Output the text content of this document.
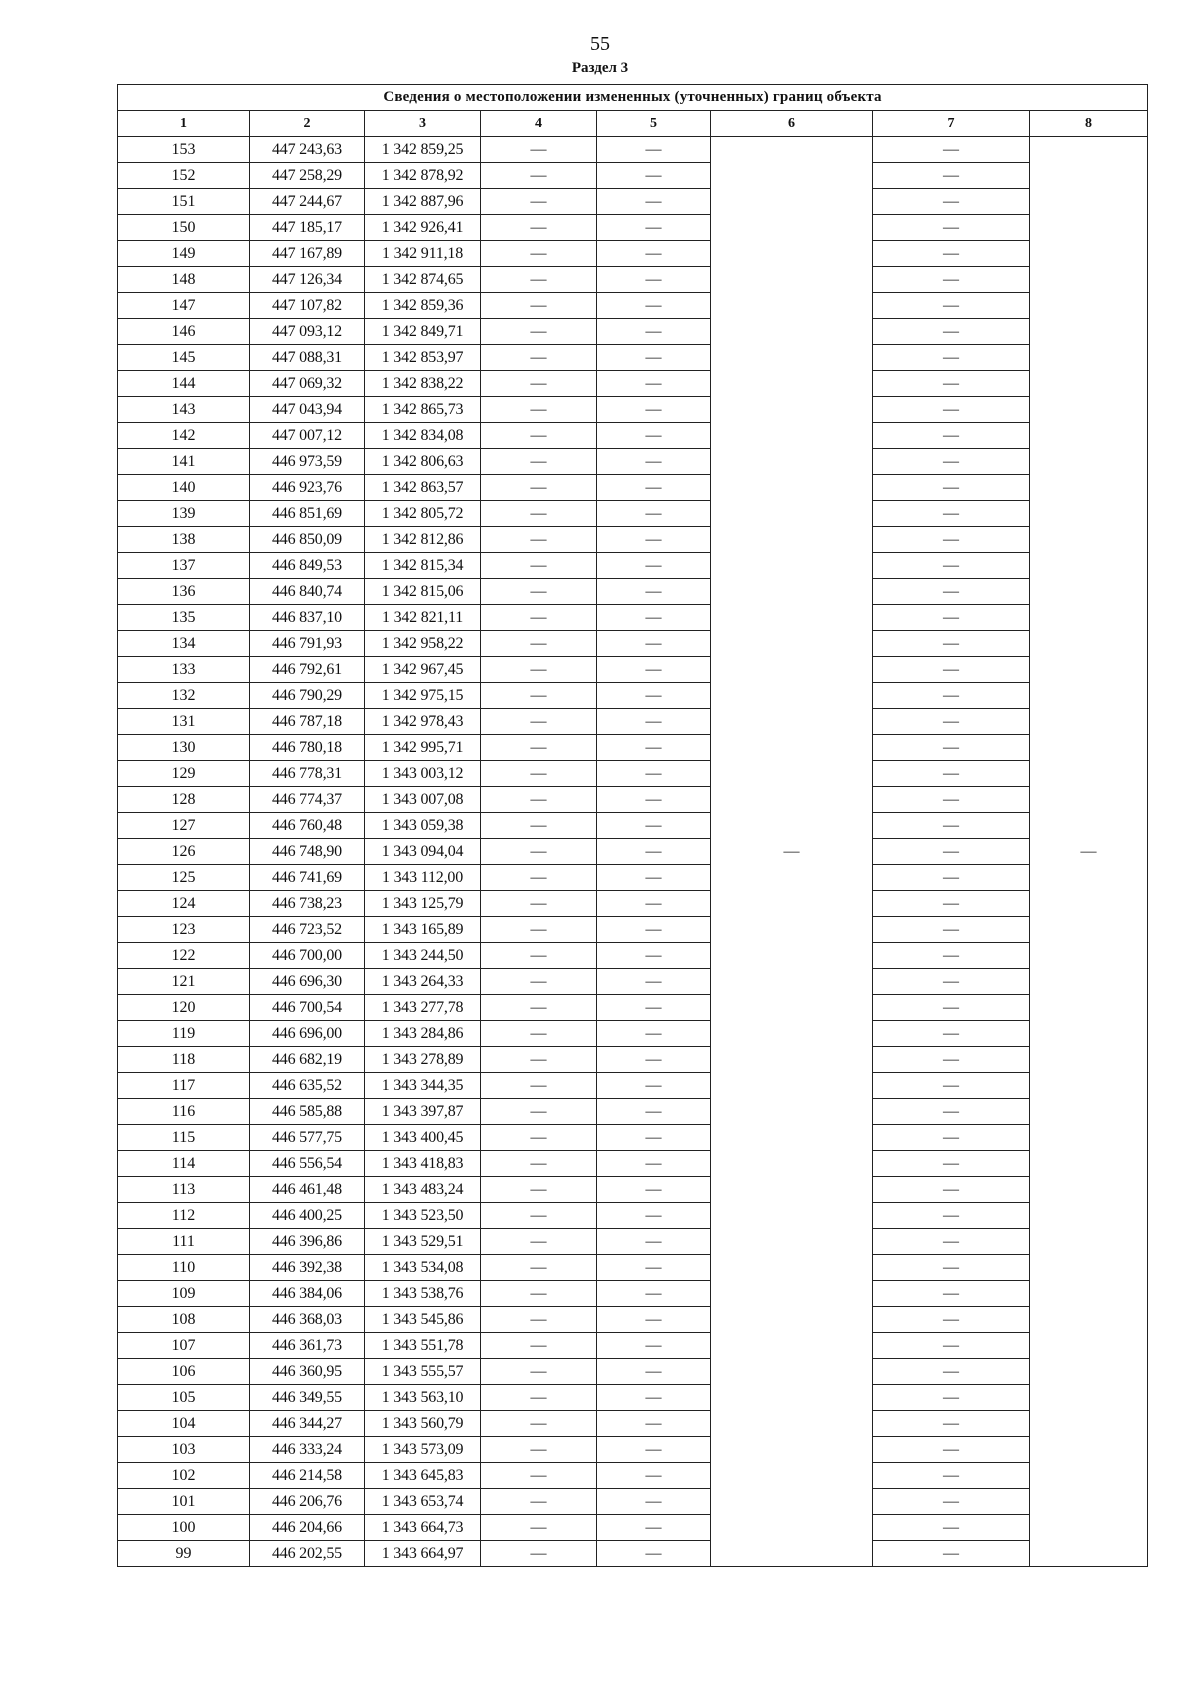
55
Раздел 3
Сведения о местоположении измененных (уточненных) границ объекта							
1	2	3	4	5	6	7	8
153	447 243,63	1 342 859,25	—	—	—	—	—
152	447 258,29	1 342 878,92	—	—		—	
151	447 244,67	1 342 887,96	—	—		—	
150	447 185,17	1 342 926,41	—	—		—	
149	447 167,89	1 342 911,18	—	—		—	
148	447 126,34	1 342 874,65	—	—		—	
147	447 107,82	1 342 859,36	—	—		—	
146	447 093,12	1 342 849,71	—	—		—	
145	447 088,31	1 342 853,97	—	—		—	
144	447 069,32	1 342 838,22	—	—		—	
143	447 043,94	1 342 865,73	—	—		—	
142	447 007,12	1 342 834,08	—	—		—	
141	446 973,59	1 342 806,63	—	—		—	
140	446 923,76	1 342 863,57	—	—		—	
139	446 851,69	1 342 805,72	—	—		—	
138	446 850,09	1 342 812,86	—	—		—	
137	446 849,53	1 342 815,34	—	—		—	
136	446 840,74	1 342 815,06	—	—		—	
135	446 837,10	1 342 821,11	—	—		—	
134	446 791,93	1 342 958,22	—	—		—	
133	446 792,61	1 342 967,45	—	—		—	
132	446 790,29	1 342 975,15	—	—		—	
131	446 787,18	1 342 978,43	—	—		—	
130	446 780,18	1 342 995,71	—	—		—	
129	446 778,31	1 343 003,12	—	—		—	
128	446 774,37	1 343 007,08	—	—		—	
127	446 760,48	1 343 059,38	—	—		—	
126	446 748,90	1 343 094,04	—	—		—	
125	446 741,69	1 343 112,00	—	—		—	
124	446 738,23	1 343 125,79	—	—		—	
123	446 723,52	1 343 165,89	—	—		—	
122	446 700,00	1 343 244,50	—	—		—	
121	446 696,30	1 343 264,33	—	—		—	
120	446 700,54	1 343 277,78	—	—		—	
119	446 696,00	1 343 284,86	—	—		—	
118	446 682,19	1 343 278,89	—	—		—	
117	446 635,52	1 343 344,35	—	—		—	
116	446 585,88	1 343 397,87	—	—		—	
115	446 577,75	1 343 400,45	—	—		—	
114	446 556,54	1 343 418,83	—	—		—	
113	446 461,48	1 343 483,24	—	—		—	
112	446 400,25	1 343 523,50	—	—		—	
111	446 396,86	1 343 529,51	—	—		—	
110	446 392,38	1 343 534,08	—	—		—	
109	446 384,06	1 343 538,76	—	—		—	
108	446 368,03	1 343 545,86	—	—		—	
107	446 361,73	1 343 551,78	—	—		—	
106	446 360,95	1 343 555,57	—	—		—	
105	446 349,55	1 343 563,10	—	—		—	
104	446 344,27	1 343 560,79	—	—		—	
103	446 333,24	1 343 573,09	—	—		—	
102	446 214,58	1 343 645,83	—	—		—	
101	446 206,76	1 343 653,74	—	—		—	
100	446 204,66	1 343 664,73	—	—		—	
99	446 202,55	1 343 664,97	—	—		—	
